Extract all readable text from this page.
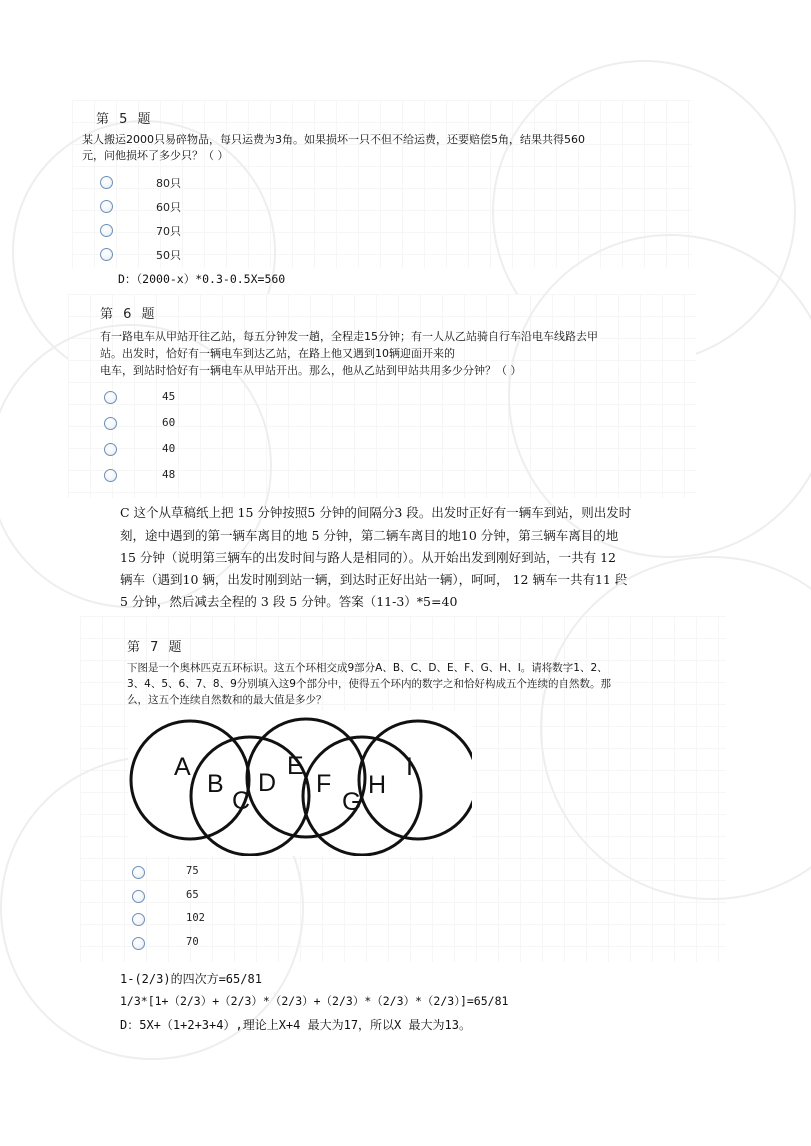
第 5 题
某人搬运2000只易碎物品，每只运费为3角。如果损坏一只不但不给运费，还要赔偿5角，结果共得560
元，问他损坏了多少只？（ ）
80只
60只
70只
50只
D：（2000-x）*0.3-0.5X=560
第 6 题
有一路电车从甲站开往乙站，每五分钟发一趟，全程走15分钟；有一人从乙站骑自行车沿电车线路去甲
站。出发时，恰好有一辆电车到达乙站，在路上他又遇到10辆迎面开来的
电车，到站时恰好有一辆电车从甲站开出。那么，他从乙站到甲站共用多少分钟？（ ）
45
60
40
48
C 这个从草稿纸上把 15 分钟按照5 分钟的间隔分3 段。出发时正好有一辆车到站，则出发时
刻，途中遇到的第一辆车离目的地 5 分钟，第二辆车离目的地10 分钟，第三辆车离目的地
15 分钟（说明第三辆车的出发时间与路人是相同的）。从开始出发到刚好到站，一共有 12
辆车（遇到10 辆，出发时刚到站一辆，到达时正好出站一辆），呵呵， 12 辆车一共有11 段
5 分钟，然后减去全程的 3 段 5 分钟。答案（11-3）*5=40
第 7 题
下图是一个奥林匹克五环标识。这五个环相交成9部分A、B、C、D、E、F、G、H、I。请将数字1、2、
3、4、5、6、7、8、9分别填入这9个部分中，使得五个环内的数字之和恰好构成五个连续的自然数。那
么，这五个连续自然数和的最大值是多少？
A
B
C
D
E
F
G
H
I
75
65
102
70
1-(2/3)的四次方=65/81
1/3*[1+（2/3）+（2/3）*（2/3）+（2/3）*（2/3）*（2/3）]=65/81
D：5X+（1+2+3+4）,理论上X+4 最大为17，所以X 最大为13。
